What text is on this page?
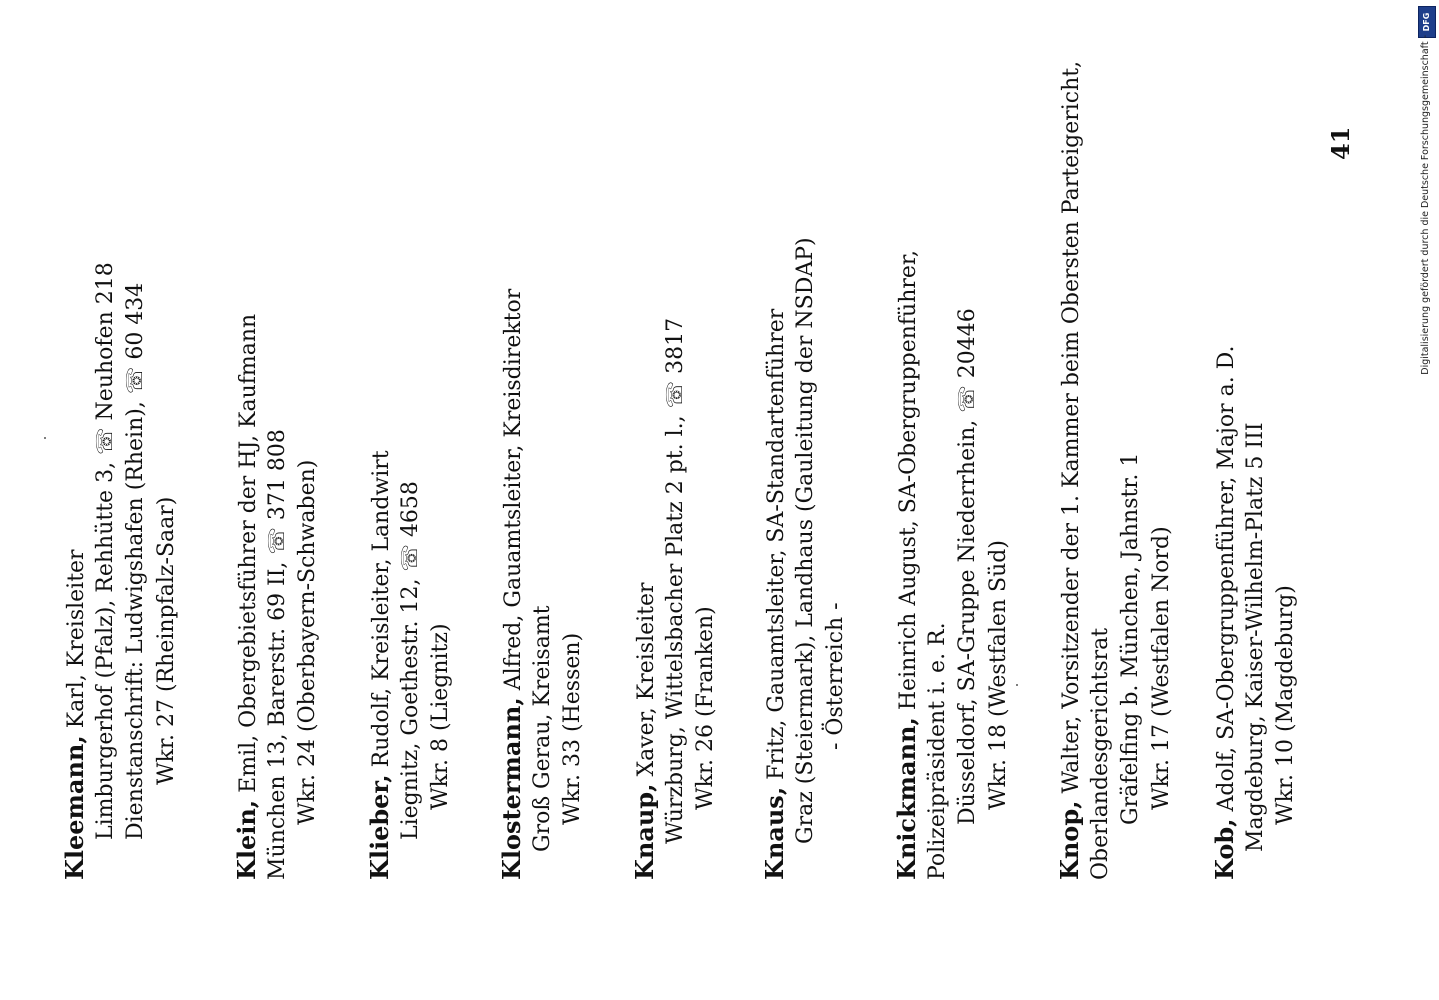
Kleemann, Karl, Kreisleiter Limburgerhof (Pfalz), Rehhütte 3, ☏ Neuhofen 218 Dienstanschrift: Ludwigshafen (Rhein), ☏ 60 434 Wkr. 27 (Rheinpfalz-Saar)
Klein, Emil, Obergebietsführer der HJ, Kaufmann München 13, Barerstr. 69 II, ☏ 371 808 Wkr. 24 (Oberbayern-Schwaben)
Klieber, Rudolf, Kreisleiter, Landwirt Liegnitz, Goethestr. 12, ☏ 4658 Wkr. 8 (Liegnitz) Klostermann, Alfred, Gauamtsleiter, Kreisdirektor
Groß Gerau, Kreisamt Wkr. 33 (Hessen)
Knaup, Xaver, Kreisleiter Würzburg, Wittelsbacher Platz 2 pt. l., ☏ 3817 Wkr. 26 (Franken)
Knaus, Fritz, Gauamtsleiter, SA-Standartenführer Graz (Steiermark), Landhaus (Gauleitung der NSDAP) - Österreich -
Knickmann, Heinrich August, SA-Obergruppenführer,
Polizeipräsident i. e. R. Düsseldorf, SA-Gruppe Niederrhein, ☏ 20446 Wkr. 18 (Westfalen Süd)
Knop, Walter, Vorsitzender der 1. Kammer beim Obersten Parteigericht, Oberlandesgerichtsrat Gräfelfing b. München, Jahnstr. 1 Wkr. 17 (Westfalen Nord)
Kob, Adolf, SA-Obergruppenführer, Major a. D. Magdeburg, Kaiser-Wilhelm-Platz 5 III Wkr. 10 (Magdeburg)
41
DFG
Digitalisierung gefördert durch die Deutsche Forschungsgemeinschaft -
